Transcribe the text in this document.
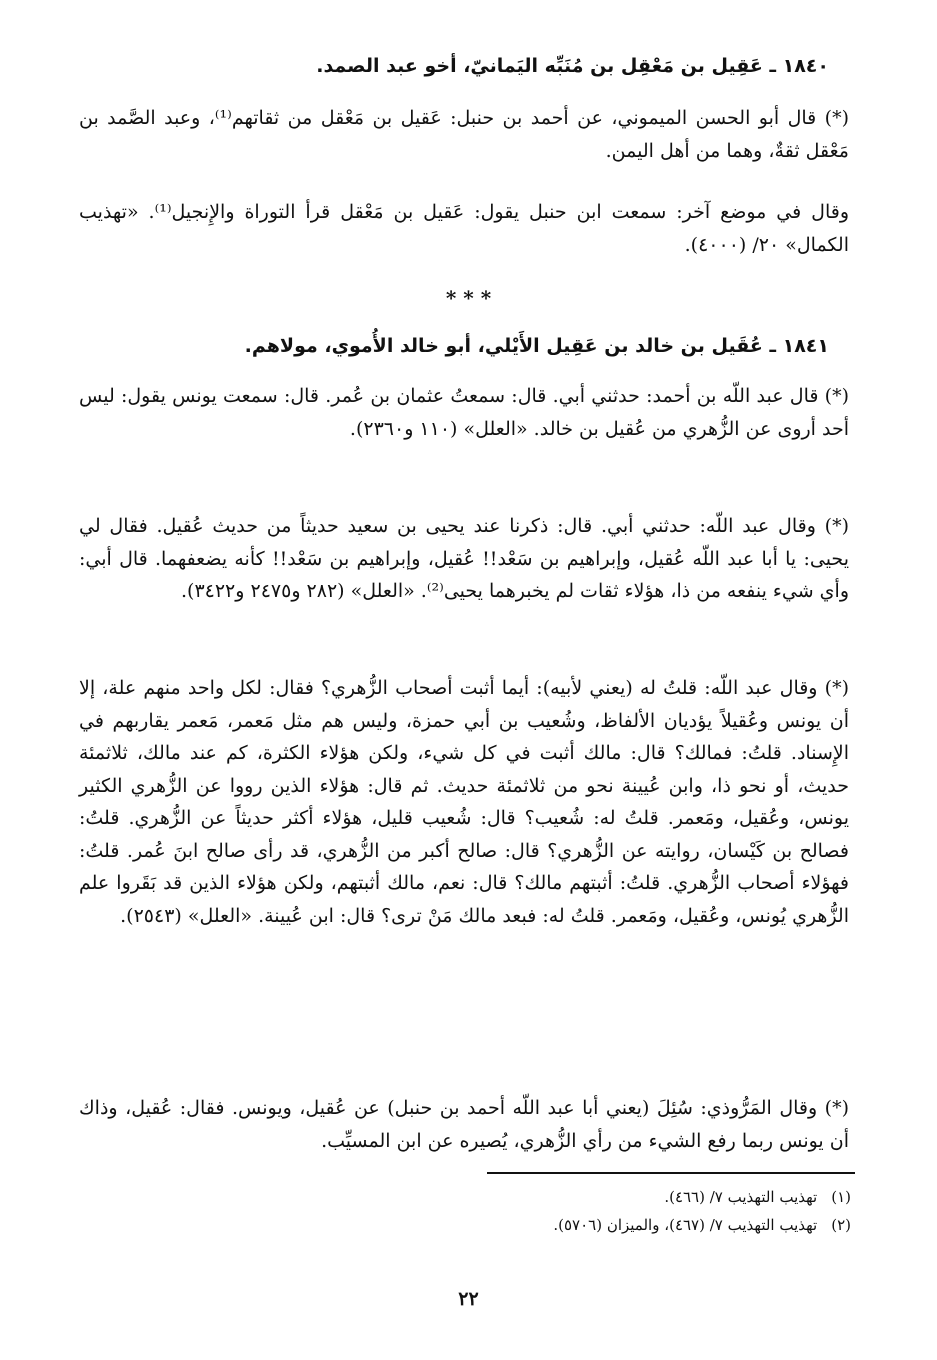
١٨٤٠ ـ عَقِيل بن مَعْقِل بن مُنَبِّه اليَمانيّ، أخو عبد الصمد.

(*) قال أبو الحسن الميموني، عن أحمد بن حنبل: عَقيل بن مَعْقل من ثقاتهم⁽¹⁾، وعبد الصَّمد بن مَعْقل ثقةٌ، وهما من أهل اليمن.

وقال في موضع آخر: سمعت ابن حنبل يقول: عَقيل بن مَعْقل قرأ التوراة والإِنجيل⁽¹⁾. «تهذيب الكمال» ٢٠/ (٤٠٠٠).

* * *
١٨٤١ ـ عُقَيل بن خالد بن عَقِيل الأَيْلي، أبو خالد الأُموي، مولاهم.

(*) قال عبد اللّه بن أحمد: حدثني أبي. قال: سمعتُ عثمان بن عُمر. قال: سمعت يونس يقول: ليس أحد أروى عن الزُّهري من عُقيل بن خالد. «العلل» (١١٠ و٢٣٦٠).

(*) وقال عبد اللّه: حدثني أبي. قال: ذكرنا عند يحيى بن سعيد حديثاً من حديث عُقيل. فقال لي يحيى: يا أبا عبد اللّه عُقيل، وإبراهيم بن سَعْد!! عُقيل، وإبراهيم بن سَعْد!! كأنه يضعفهما. قال أبي: وأي شيء ينفعه من ذا، هؤلاء ثقات لم يخبرهما يحيى⁽²⁾. «العلل» (٢٨٢ و٢٤٧٥ و٣٤٢٢).

(*) وقال عبد اللّه: قلتُ له (يعني لأبيه): أيما أثبت أصحاب الزُّهري؟ فقال: لكل واحد منهم علة، إلا أن يونس وعُقيلاً يؤديان الألفاظ، وشُعيب بن أبي حمزة، وليس هم مثل مَعمر، مَعمر يقاربهم في الإِسناد. قلتُ: فمالك؟ قال: مالك أثبت في كل شيء، ولكن هؤلاء الكثرة، كم عند مالك، ثلاثمئة حديث، أو نحو ذا، وابن عُيينة نحو من ثلاثمئة حديث. ثم قال: هؤلاء الذين رووا عن الزُّهري الكثير يونس، وعُقيل، ومَعمر. قلتُ له: شُعيب؟ قال: شُعيب قليل، هؤلاء أكثر حديثاً عن الزُّهري. قلتُ: فصالح بن كَيْسان، روايته عن الزُّهري؟ قال: صالح أكبر من الزُّهري، قد رأى صالح ابنَ عُمر. قلتُ: فهؤلاء أصحاب الزُّهري. قلتُ: أثبتهم مالك؟ قال: نعم، مالك أثبتهم، ولكن هؤلاء الذين قد بَقَروا علم الزُّهري يُونس، وعُقيل، ومَعمر. قلتُ له: فبعد مالك مَنْ ترى؟ قال: ابن عُيينة. «العلل» (٢٥٤٣).

(*) وقال المَرُّوذي: سُئِلَ (يعني أبا عبد اللّه أحمد بن حنبل) عن عُقيل، ويونس. فقال: عُقيل، وذاك أن يونس ربما رفع الشيء من رأي الزُّهري، يُصيره عن ابن المسيِّب.

(١)تهذيب التهذيب ٧/ (٤٦٦).
(٢)تهذيب التهذيب ٧/ (٤٦٧)، والميزان (٥٧٠٦).
٢٢
